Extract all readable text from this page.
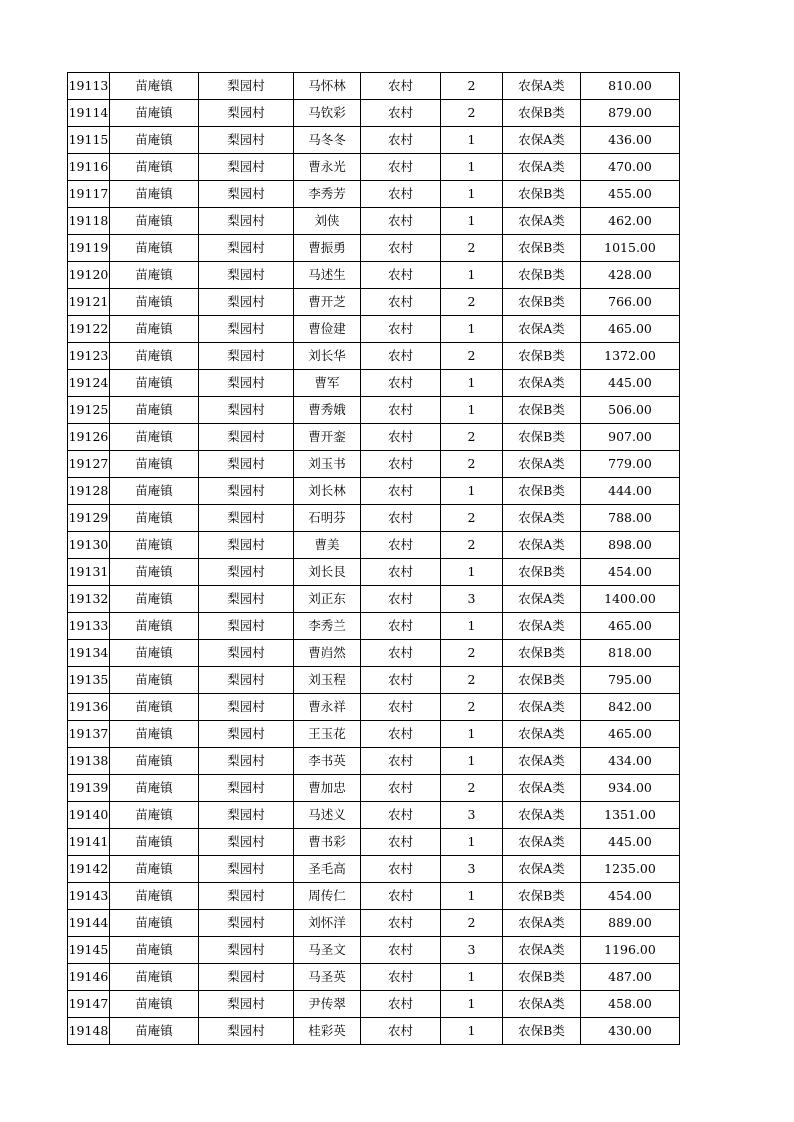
19113	苗庵镇	梨园村	马怀林	农村	2	农保A类	810.00
19114	苗庵镇	梨园村	马钦彩	农村	2	农保B类	879.00
19115	苗庵镇	梨园村	马冬冬	农村	1	农保A类	436.00
19116	苗庵镇	梨园村	曹永光	农村	1	农保A类	470.00
19117	苗庵镇	梨园村	李秀芳	农村	1	农保B类	455.00
19118	苗庵镇	梨园村	刘侠	农村	1	农保A类	462.00
19119	苗庵镇	梨园村	曹振勇	农村	2	农保B类	1015.00
19120	苗庵镇	梨园村	马述生	农村	1	农保B类	428.00
19121	苗庵镇	梨园村	曹开芝	农村	2	农保B类	766.00
19122	苗庵镇	梨园村	曹俭建	农村	1	农保A类	465.00
19123	苗庵镇	梨园村	刘长华	农村	2	农保B类	1372.00
19124	苗庵镇	梨园村	曹军	农村	1	农保A类	445.00
19125	苗庵镇	梨园村	曹秀娥	农村	1	农保B类	506.00
19126	苗庵镇	梨园村	曹开銮	农村	2	农保B类	907.00
19127	苗庵镇	梨园村	刘玉书	农村	2	农保A类	779.00
19128	苗庵镇	梨园村	刘长林	农村	1	农保B类	444.00
19129	苗庵镇	梨园村	石明芬	农村	2	农保A类	788.00
19130	苗庵镇	梨园村	曹美	农村	2	农保A类	898.00
19131	苗庵镇	梨园村	刘长艮	农村	1	农保B类	454.00
19132	苗庵镇	梨园村	刘正东	农村	3	农保A类	1400.00
19133	苗庵镇	梨园村	李秀兰	农村	1	农保A类	465.00
19134	苗庵镇	梨园村	曹岿然	农村	2	农保B类	818.00
19135	苗庵镇	梨园村	刘玉程	农村	2	农保B类	795.00
19136	苗庵镇	梨园村	曹永祥	农村	2	农保A类	842.00
19137	苗庵镇	梨园村	王玉花	农村	1	农保A类	465.00
19138	苗庵镇	梨园村	李书英	农村	1	农保A类	434.00
19139	苗庵镇	梨园村	曹加忠	农村	2	农保A类	934.00
19140	苗庵镇	梨园村	马述义	农村	3	农保A类	1351.00
19141	苗庵镇	梨园村	曹书彩	农村	1	农保A类	445.00
19142	苗庵镇	梨园村	圣毛高	农村	3	农保A类	1235.00
19143	苗庵镇	梨园村	周传仁	农村	1	农保B类	454.00
19144	苗庵镇	梨园村	刘怀洋	农村	2	农保A类	889.00
19145	苗庵镇	梨园村	马圣文	农村	3	农保A类	1196.00
19146	苗庵镇	梨园村	马圣英	农村	1	农保B类	487.00
19147	苗庵镇	梨园村	尹传翠	农村	1	农保A类	458.00
19148	苗庵镇	梨园村	桂彩英	农村	1	农保B类	430.00
